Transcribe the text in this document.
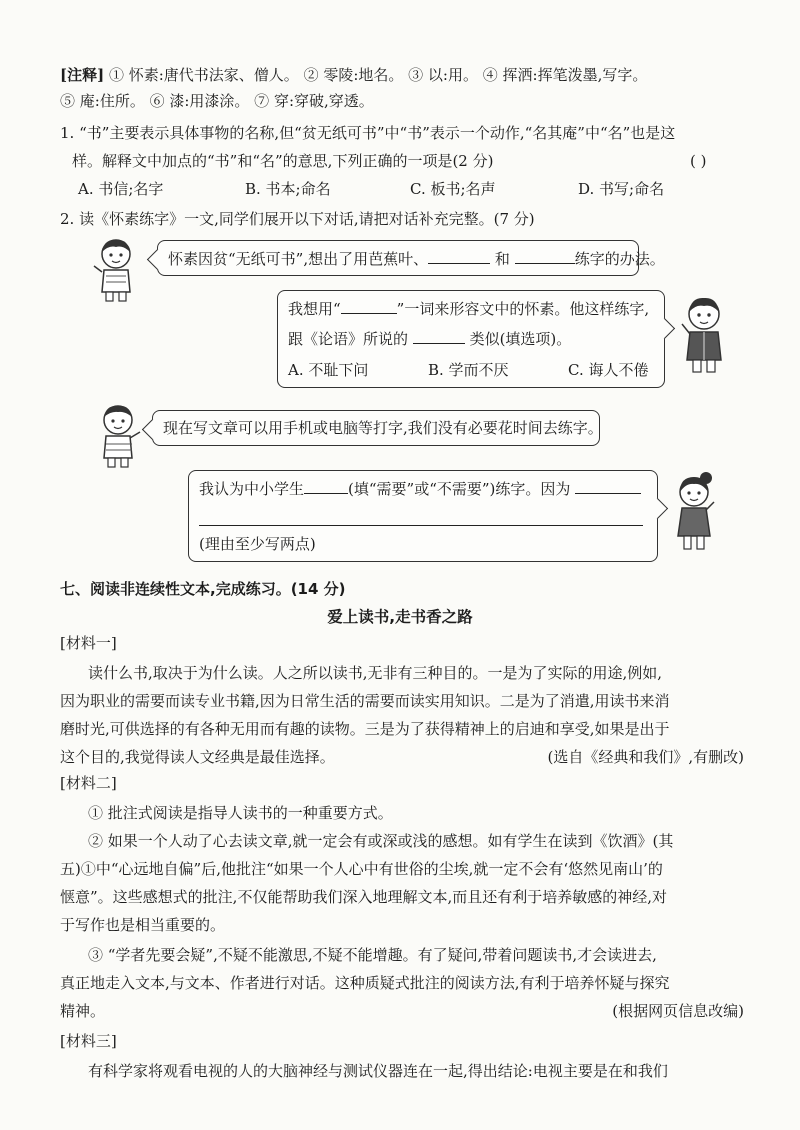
[注释] ① 怀素:唐代书法家、僧人。 ② 零陵:地名。 ③ 以:用。 ④ 挥洒:挥笔泼墨,写字。
⑤ 庵:住所。 ⑥ 漆:用漆涂。 ⑦ 穿:穿破,穿透。
1. “书”主要表示具体事物的名称,但“贫无纸可书”中“书”表示一个动作,“名其庵”中“名”也是这
样。解释文中加点的“书”和“名”的意思,下列正确的一项是(2 分)	( )
A. 书信;名字	B. 书本;命名	C. 板书;名声	D. 书写;命名
2. 读《怀素练字》一文,同学们展开以下对话,请把对话补充完整。(7 分)
怀素因贫“无纸可书”,想出了用芭蕉叶、	和	练字的办法。
我想用“	”一词来形容文中的怀素。他这样练字,
跟《论语》所说的	类似(填选项)。
A. 不耻下问	B. 学而不厌	C. 诲人不倦
现在写文章可以用手机或电脑等打字,我们没有必要花时间去练字。
我认为中小学生	(填“需要”或“不需要”)练字。因为
(理由至少写两点)
七、阅读非连续性文本,完成练习。(14 分)
爱上读书,走书香之路
[材料一]
读什么书,取决于为什么读。人之所以读书,无非有三种目的。一是为了实际的用途,例如,
因为职业的需要而读专业书籍,因为日常生活的需要而读实用知识。二是为了消遣,用读书来消
磨时光,可供选择的有各种无用而有趣的读物。三是为了获得精神上的启迪和享受,如果是出于
这个目的,我觉得读人文经典是最佳选择。	(选自《经典和我们》,有删改)
[材料二]
① 批注式阅读是指导人读书的一种重要方式。
② 如果一个人动了心去读文章,就一定会有或深或浅的感想。如有学生在读到《饮酒》(其
五)①中“心远地自偏”后,他批注“如果一个人心中有世俗的尘埃,就一定不会有‘悠然见南山’的
惬意”。这些感想式的批注,不仅能帮助我们深入地理解文本,而且还有利于培养敏感的神经,对
于写作也是相当重要的。
③ “学者先要会疑”,不疑不能激思,不疑不能增趣。有了疑问,带着问题读书,才会读进去,
真正地走入文本,与文本、作者进行对话。这种质疑式批注的阅读方法,有利于培养怀疑与探究
精神。	(根据网页信息改编)
[材料三]
有科学家将观看电视的人的大脑神经与测试仪器连在一起,得出结论:电视主要是在和我们
